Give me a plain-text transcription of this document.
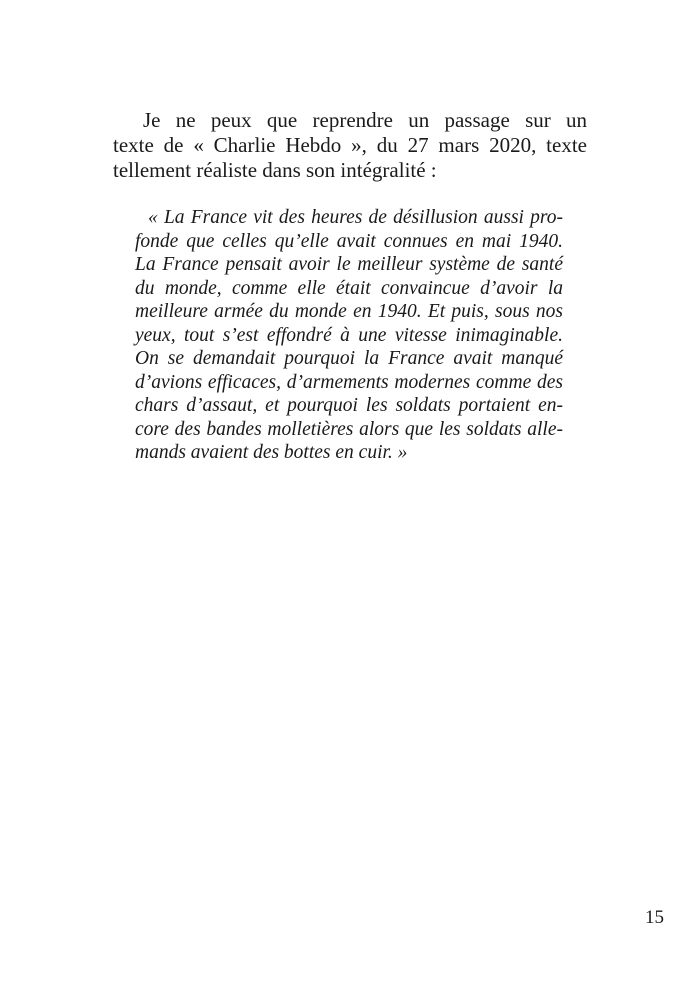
Je ne peux que reprendre un passage sur un
texte de « Charlie Hebdo », du 27 mars 2020, texte
tellement réaliste dans son intégralité :
« La France vit des heures de désillusion aussi pro-
fonde que celles qu’elle avait connues en mai 1940.
La France pensait avoir le meilleur système de santé
du monde, comme elle était convaincue d’avoir la
meilleure armée du monde en 1940. Et puis, sous nos
yeux, tout s’est effondré à une vitesse inimaginable.
On se demandait pourquoi la France avait manqué
d’avions efficaces, d’armements modernes comme des
chars d’assaut, et pourquoi les soldats portaient en-
core des bandes molletières alors que les soldats alle-
mands avaient des bottes en cuir. »
15
